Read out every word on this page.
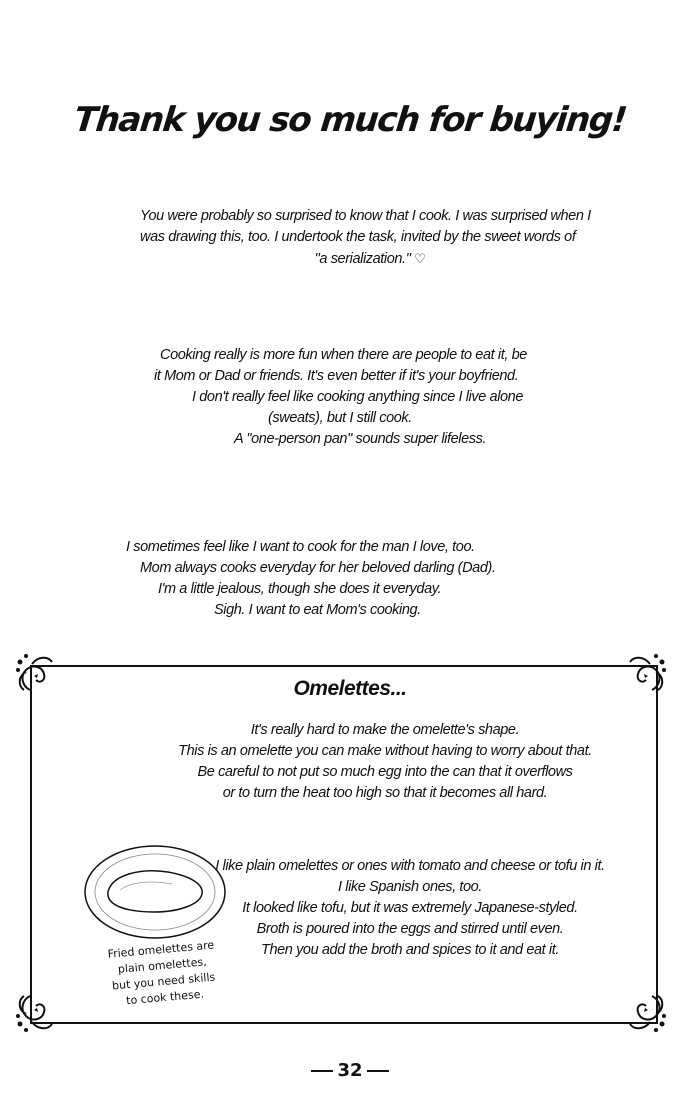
Thank you so much for buying!
You were probably so surprised to know that I cook. I was surprised when I
was drawing this, too. I undertook the task, invited by the sweet words of
"a serialization." ♡
Cooking really is more fun when there are people to eat it, be
it Mom or Dad or friends. It's even better if it's your boyfriend.
I don't really feel like cooking anything since I live alone
(sweats), but I still cook.
A "one-person pan" sounds super lifeless.
I sometimes feel like I want to cook for the man I love, too.
Mom always cooks everyday for her beloved darling (Dad).
I'm a little jealous, though she does it everyday.
Sigh. I want to eat Mom's cooking.
Omelettes...
It's really hard to make the omelette's shape.
This is an omelette you can make without having to worry about that.
Be careful to not put so much egg into the can that it overflows
or to turn the heat too high so that it becomes all hard.
I like plain omelettes or ones with tomato and cheese or tofu in it.
I like Spanish ones, too.
It looked like tofu, but it was extremely Japanese-styled.
Broth is poured into the eggs and stirred until even.
Then you add the broth and spices to it and eat it.

Fried omelettes are
plain omelettes,
but you need skills
to cook these.

32
